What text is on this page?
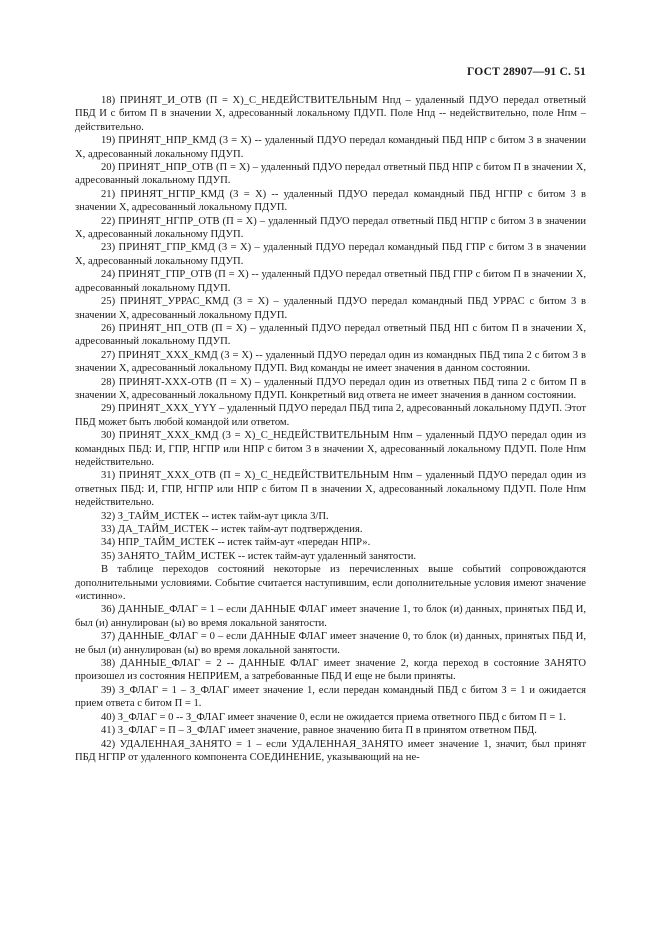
ГОСТ 28907—91 С. 51

18) ПРИНЯТ_И_ОТВ (П = Х)_С_НЕДЕЙСТВИТЕЛЬНЫМ Нпд – удаленный ПДУО передал ответный ПБД И с битом П в значении Х, адресованный локальному ПДУП. Поле Нпд -- недействительно, поле Нпм – действительно.

19) ПРИНЯТ_НПР_КМД (3 = Х) -- удаленный ПДУО передал командный ПБД НПР с битом 3 в значении Х, адресованный локальному ПДУП.

20) ПРИНЯТ_НПР_ОТВ (П = Х) – удаленный ПДУО передал ответный ПБД НПР с битом П в значении Х, адресованный локальному ПДУП.

21) ПРИНЯТ_НГПР_КМД (3 = Х) -- удаленный ПДУО передал командный ПБД НГПР с битом 3 в значении Х, адресованный локальному ПДУП.

22) ПРИНЯТ_НГПР_ОТВ (П = Х) – удаленный ПДУО передал ответный ПБД НГПР с битом 3 в значении Х, адресованный локальному ПДУП.

23) ПРИНЯТ_ГПР_КМД (3 = Х) – удаленный ПДУО передал командный ПБД ГПР с битом 3 в значении Х, адресованный локальному ПДУП.

24) ПРИНЯТ_ГПР_ОТВ (П = Х) -- удаленный ПДУО передал ответный ПБД ГПР с битом П в значении Х, адресованный локальному ПДУП.

25) ПРИНЯТ_УРРАС_КМД (3 = Х) – удаленный ПДУО передал командный ПБД УРРАС с битом 3 в значении Х, адресованный локальному ПДУП.

26) ПРИНЯТ_НП_ОТВ (П = Х) – удаленный ПДУО передал ответный ПБД НП с битом П в значении Х, адресованный локальному ПДУП.

27) ПРИНЯТ_ХХХ_КМД (3 = Х) -- удаленный ПДУО передал один из командных ПБД типа 2 с битом 3 в значении Х, адресованный локальному ПДУП. Вид команды не имеет значения в данном состоянии.

28) ПРИНЯТ-ХХХ-ОТВ (П = Х) – удаленный ПДУО передал один из ответных ПБД типа 2 с битом П в значении Х, адресованный локальному ПДУП. Конкретный вид ответа не имеет значения в данном состоянии.

29) ПРИНЯТ_ХХХ_YYY – удаленный ПДУО передал ПБД типа 2, адресованный локальному ПДУП. Этот ПБД может быть любой командой или ответом.

30) ПРИНЯТ_ХХХ_КМД (3 = Х)_С_НЕДЕЙСТВИТЕЛЬНЫМ Нпм – удаленный ПДУО передал один из командных ПБД: И, ГПР, НГПР или НПР с битом 3 в значении Х, адресованный локальному ПДУП. Поле Нпм недействительно.

31) ПРИНЯТ_ХХХ_ОТВ (П = Х)_С_НЕДЕЙСТВИТЕЛЬНЫМ Нпм – удаленный ПДУО передал один из ответных ПБД: И, ГПР, НГПР или НПР с битом П в значении Х, адресованный локальному ПДУП. Поле Нпм недействительно.

32) З_ТАЙМ_ИСТЕК -- истек тайм-аут цикла 3/П.

33) ДА_ТАЙМ_ИСТЕК -- истек тайм-аут подтверждения.

34) НПР_ТАЙМ_ИСТЕК -- истек тайм-аут «передан НПР».

35) ЗАНЯТО_ТАЙМ_ИСТЕК -- истек тайм-аут удаленный занятости.

В таблице переходов состояний некоторые из перечисленных выше событий сопровождаются дополнительными условиями. Событие считается наступившим, если дополнительные условия имеют значение «истинно».

36) ДАННЫЕ_ФЛАГ = 1 – если ДАННЫЕ ФЛАГ имеет значение 1, то блок (и) данных, принятых ПБД И, был (и) аннулирован (ы) во время локальной занятости.

37) ДАННЫЕ_ФЛАГ = 0 – если ДАННЫЕ ФЛАГ имеет значение 0, то блок (и) данных, принятых ПБД И, не был (и) аннулирован (ы) во время локальной занятости.

38) ДАННЫЕ_ФЛАГ = 2 -- ДАННЫЕ ФЛАГ имеет значение 2, когда переход в состояние ЗАНЯТО произошел из состояния НЕПРИЕМ, а затребованные ПБД И еще не были приняты.

39) З_ФЛАГ = 1 – З_ФЛАГ имеет значение 1, если передан командный ПБД с битом З = 1 и ожидается прием ответа с битом П = 1.

40) З_ФЛАГ = 0 -- З_ФЛАГ имеет значение 0, если не ожидается приема ответного ПБД с битом П = 1.

41) З_ФЛАГ = П – З_ФЛАГ имеет значение, равное значению бита П в принятом ответном ПБД.

42) УДАЛЕННАЯ_ЗАНЯТО = 1 – если УДАЛЕННАЯ_ЗАНЯТО имеет значение 1, значит, был принят ПБД НГПР от удаленного компонента СОЕДИНЕНИЕ, указывающий на не-
